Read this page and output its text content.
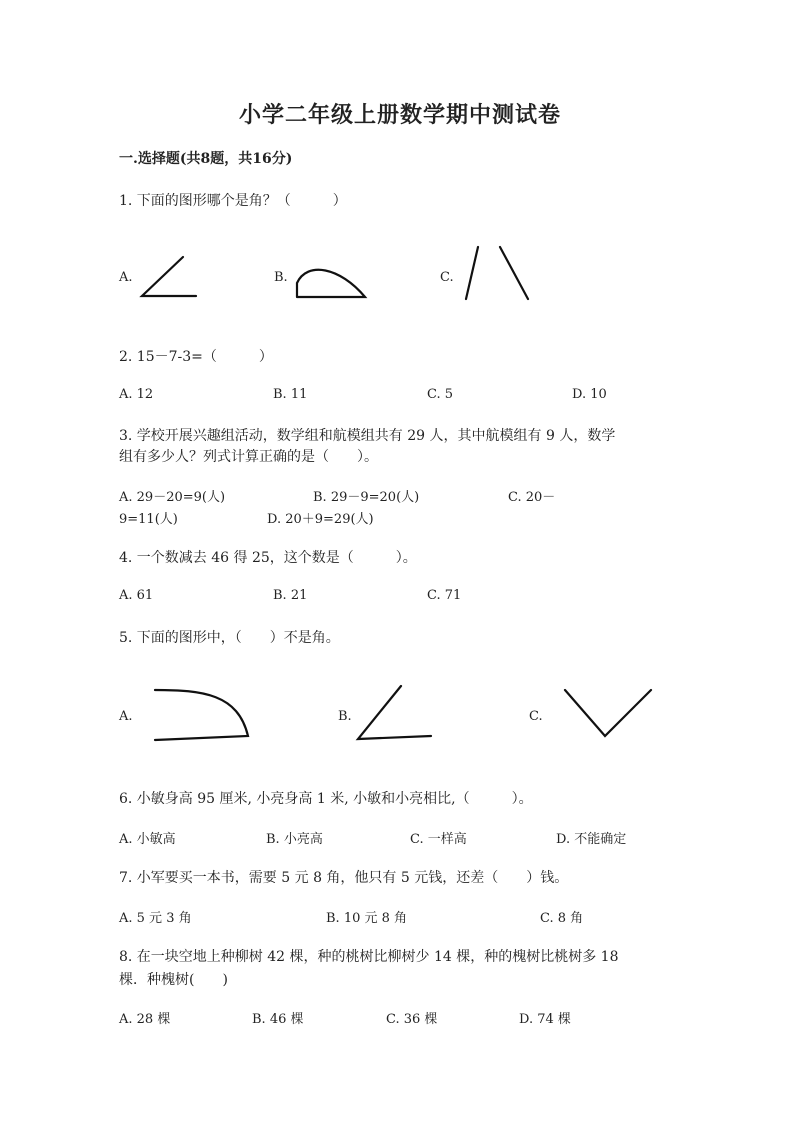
小学二年级上册数学期中测试卷
一.选择题(共8题，共16分)
1. 下面的图形哪个是角？（　　　）
A.	B.	C.
2. 15－7-3=（　　　）
A. 12	B. 11	C. 5	D. 10
3. 学校开展兴趣组活动，数学组和航模组共有 29 人，其中航模组有 9 人，数学
组有多少人？列式计算正确的是（　　）。
A. 29－20=9(人)	B. 29－9=20(人)	C. 20－
9=11(人)	D. 20＋9=29(人)
4. 一个数减去 46 得 25，这个数是（　　　）。
A. 61	B. 21	C. 71
5. 下面的图形中，（　　）不是角。
A.	B.	C.
6. 小敏身高 95 厘米, 小亮身高 1 米, 小敏和小亮相比,（　　　）。
A. 小敏高	B. 小亮高	C. 一样高	D. 不能确定
7. 小军要买一本书，需要 5 元 8 角，他只有 5 元钱，还差（　　）钱。
A. 5 元 3 角	B. 10 元 8 角	C. 8 角
8. 在一块空地上种柳树 42 棵，种的桃树比柳树少 14 棵，种的槐树比桃树多 18
棵．种槐树(　　)
A. 28 棵	B. 46 棵	C. 36 棵	D. 74 棵
